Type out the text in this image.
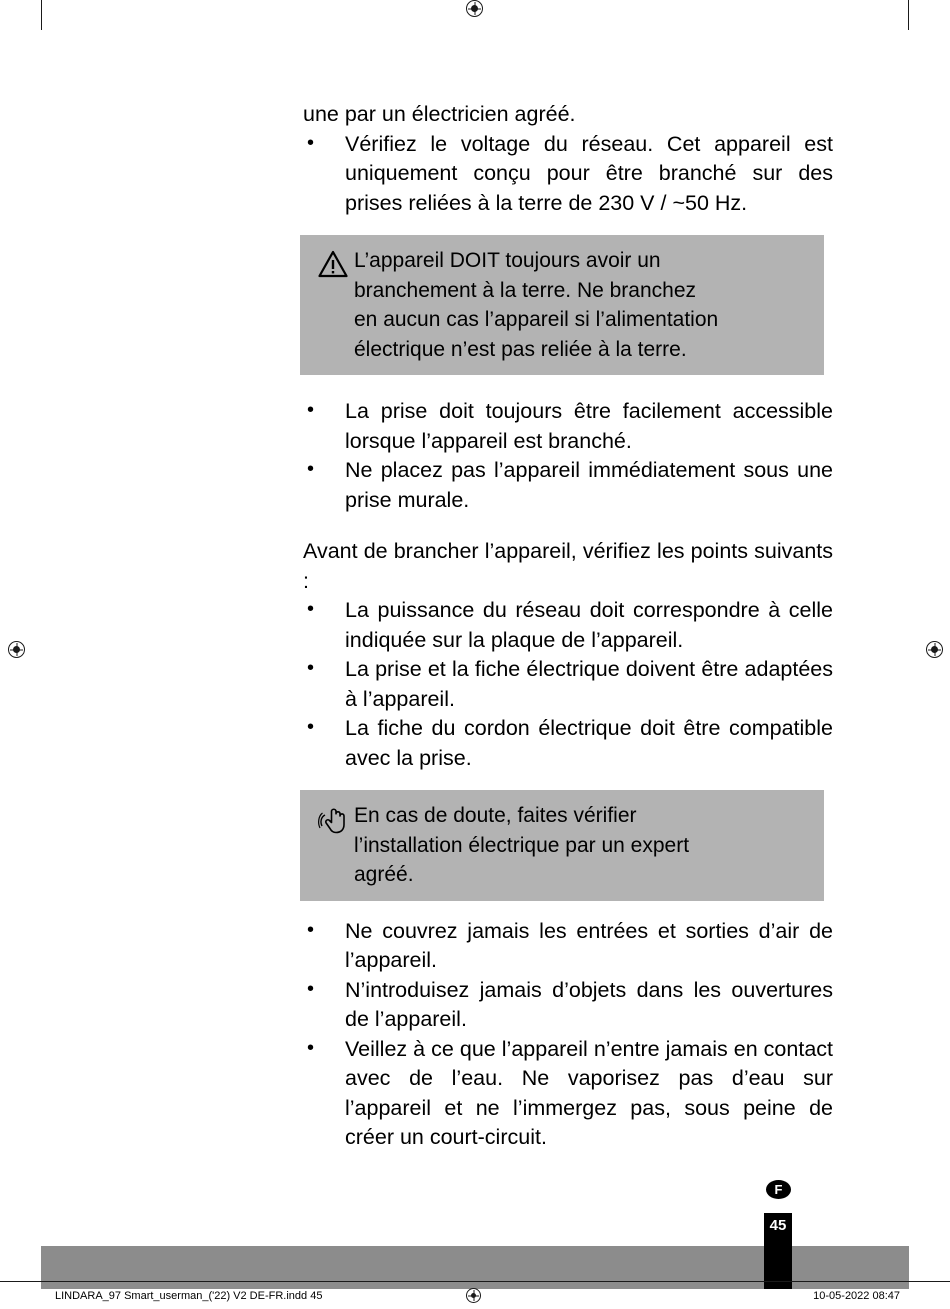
une par un électricien agréé.

• Vérifiez le voltage du réseau. Cet appareil est uniquement conçu pour être branché sur des prises reliées à la terre de 230 V / ~50 Hz.
L’appareil DOIT toujours avoir un
branchement à la terre. Ne branchez
en aucun cas l’appareil si l’alimentation
électrique n’est pas reliée à la terre.
• La prise doit toujours être facilement accessible lorsque l’appareil est branché.
• Ne placez pas l’appareil immédiatement sous une prise murale.

Avant de brancher l’appareil, vérifiez les points suivants :

• La puissance du réseau doit correspondre à celle indiquée sur la plaque de l’appareil.
• La prise et la fiche électrique doivent être adaptées à l’appareil.
• La fiche du cordon électrique doit être compatible avec la prise.
En cas de doute, faites vérifier
l’installation électrique par un expert
agréé.
• Ne couvrez jamais les entrées et sorties d’air de l’appareil.
• N’introduisez jamais d’objets dans les ouvertures de l’appareil.
• Veillez à ce que l’appareil n’entre jamais en contact avec de l’eau. Ne vaporisez pas d’eau sur l’appareil et ne l’immergez pas, sous peine de créer un court-circuit.
F
45
LINDARA_97 Smart_userman_('22) V2 DE-FR.indd 45	10-05-2022 08:47
